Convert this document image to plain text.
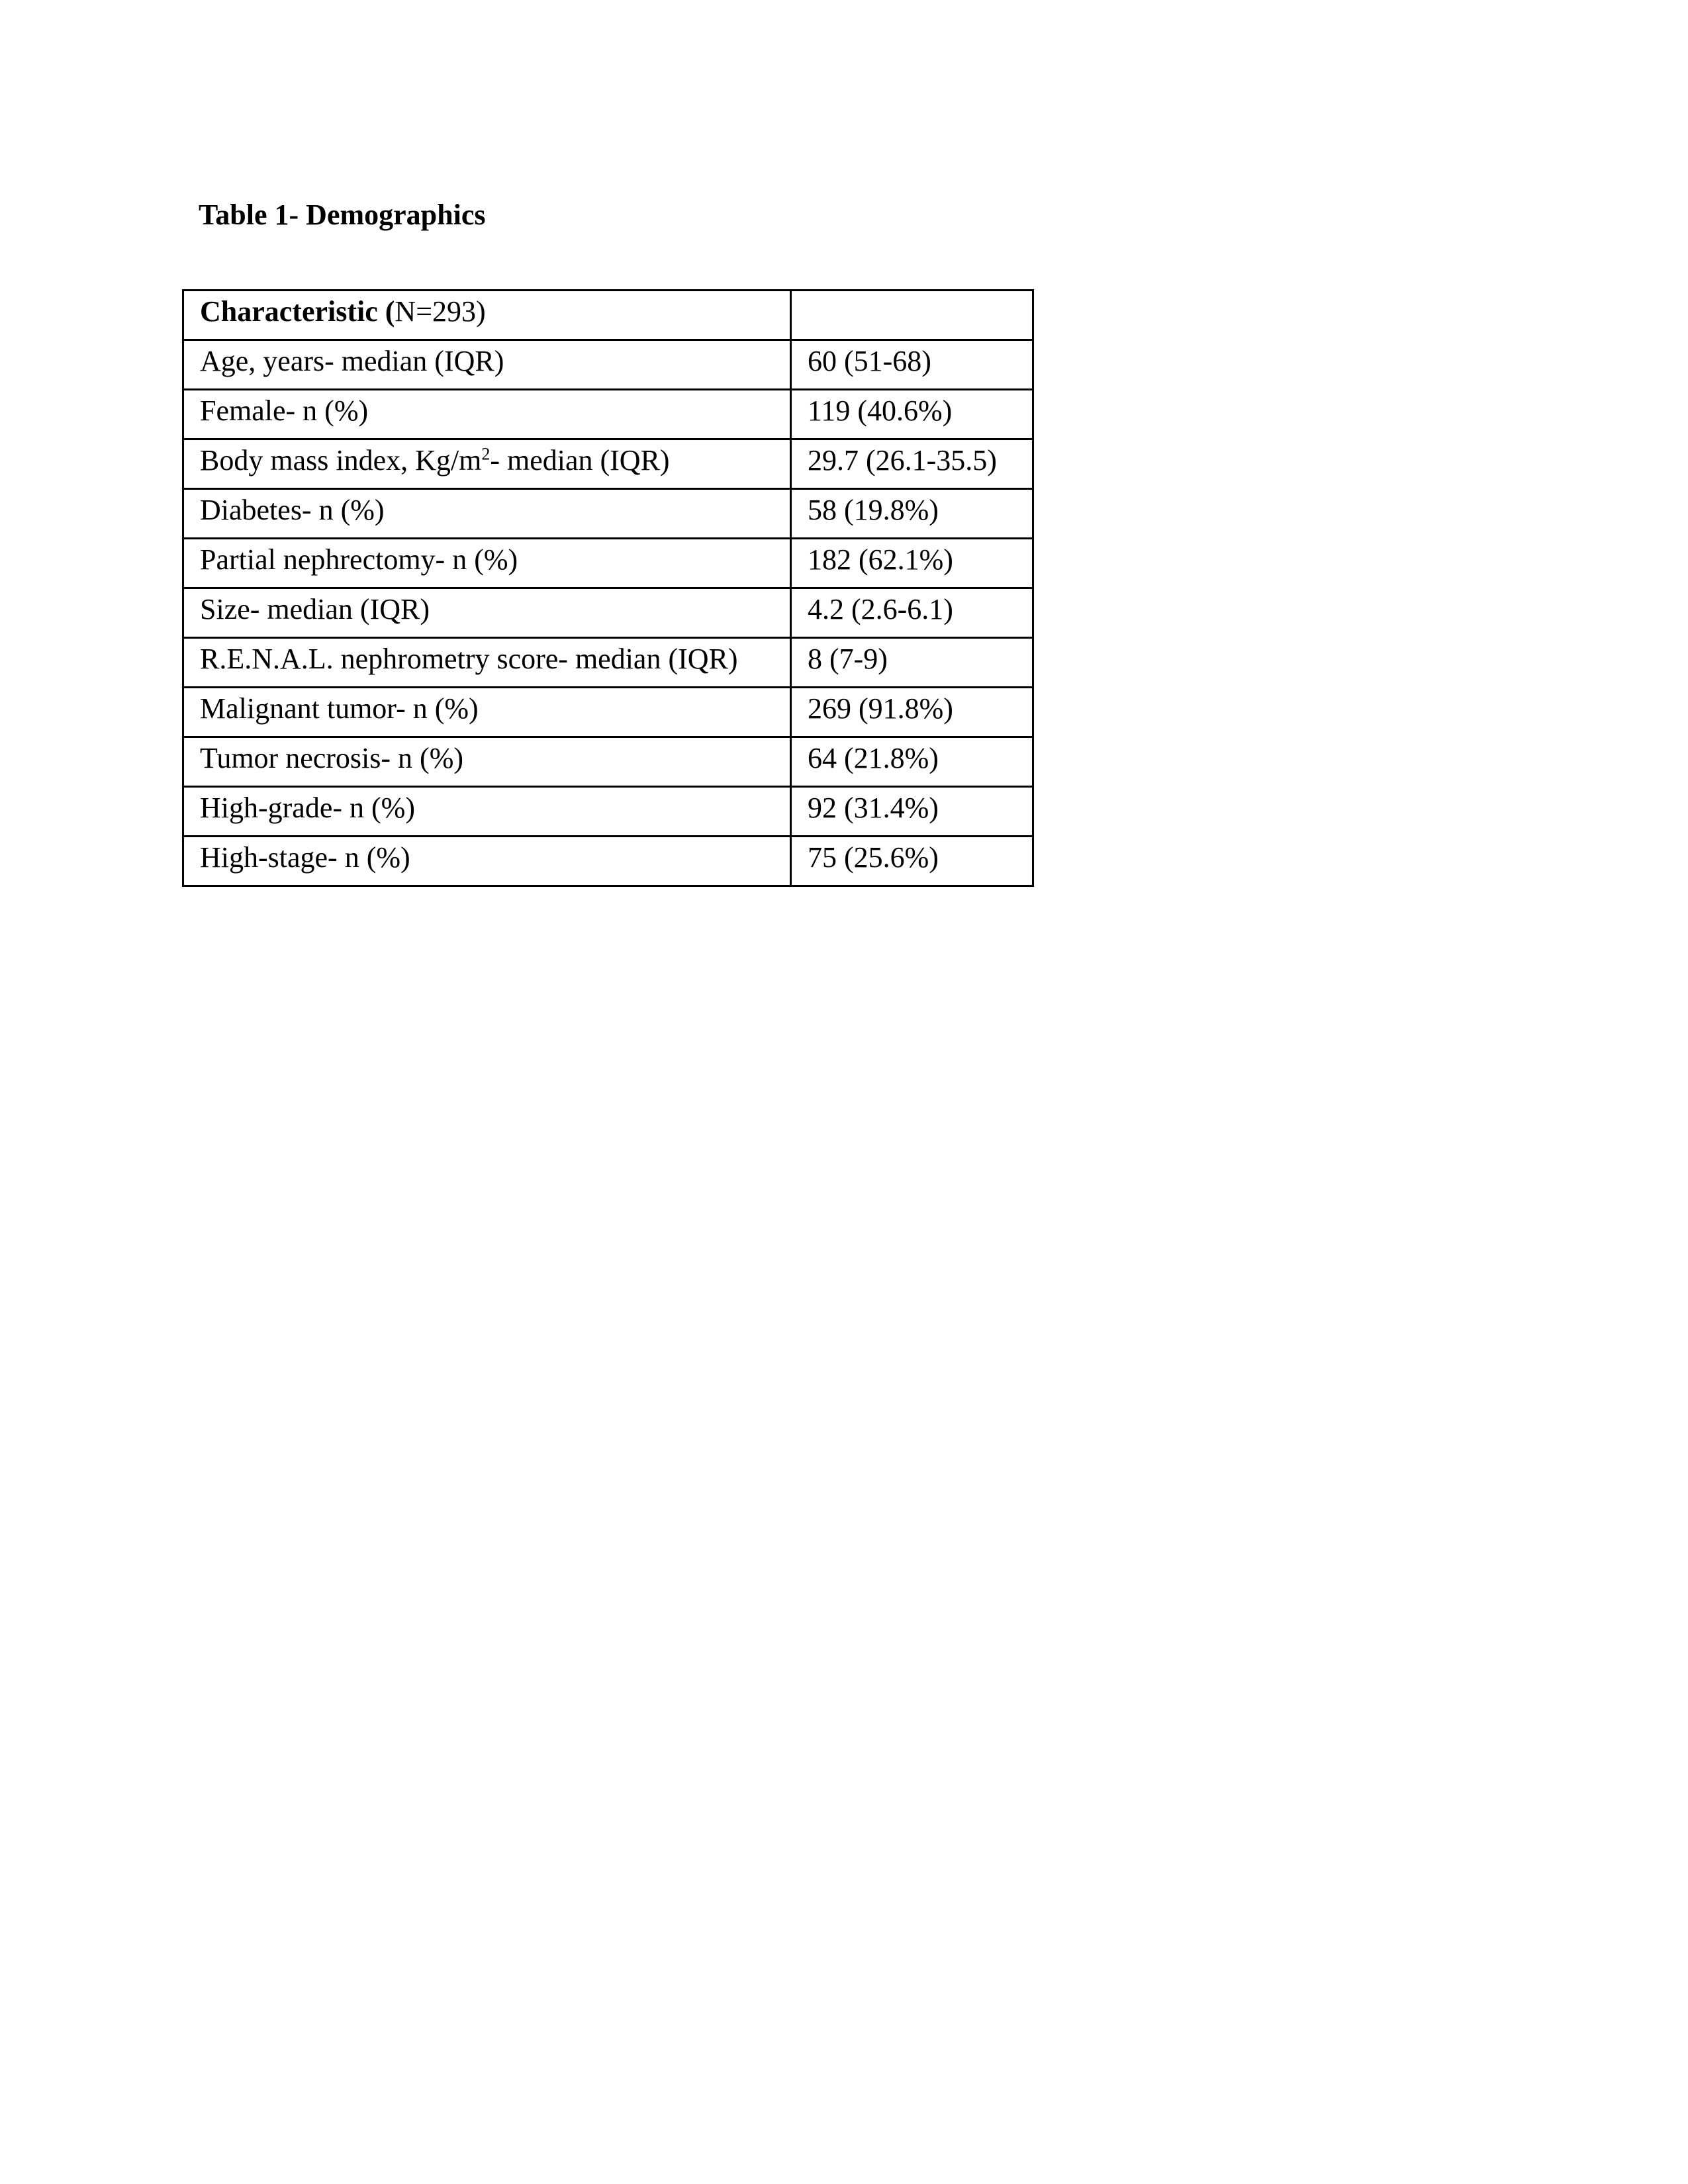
Table 1- Demographics
Characteristic (N=293)	
Age, years- median (IQR)	60 (51-68)
Female- n (%)	119 (40.6%)
Body mass index, $Kg/m^2-$ median (IQR)	29.7 (26.1-35.5)
Diabetes- n (%)	58 (19.8%)
Partial nephrectomy- n (%)	182 (62.1%)
Size- median (IQR)	4.2 (2.6-6.1)
R.E.N.A.L. nephrometry score- median (IQR)	8 (7-9)
Malignant tumor- n (%)	269 (91.8%)
Tumor necrosis- n (%)	64 (21.8%)
High-grade- n (%)	92 (31.4%)
High-stage- n (%)	75 (25.6%)
